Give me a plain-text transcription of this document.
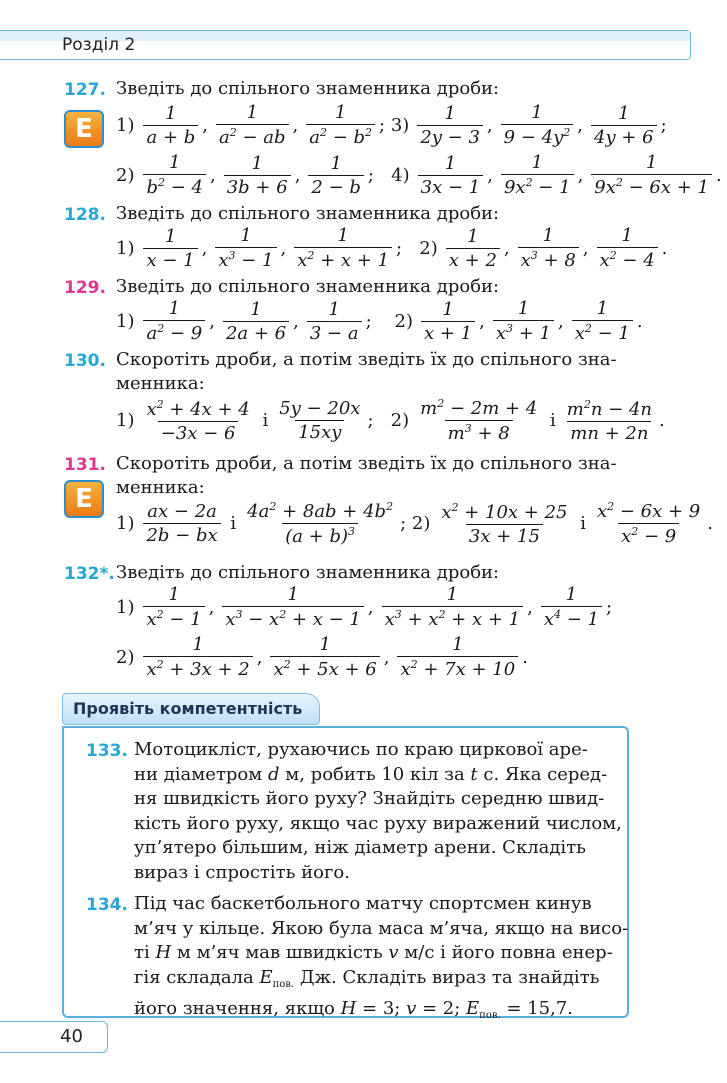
Розділ 2
127. Зведіть до спільного знаменника дроби:
E	$1) \frac{1}{a + b}$ , $\frac{1}{a^2 - ab}$ , $\frac{1}{a^2 - b^2}$ ; $3) \frac{1}{2y - 3}$ , $\frac{1}{9 - 4y^2}$ , $\frac{1}{4y + 6}$ ;
$2) \frac{1}{b^2 - 4}$ , $\frac{1}{3b + 6}$ , $\frac{1}{2 - b}$ ;   $4) \frac{1}{3x - 1}$ , $\frac{1}{9x^2 - 1}$ , $\frac{1}{9x^2 - 6x + 1}$ .
128. Зведіть до спільного знаменника дроби:
$1) \frac{1}{x - 1}$ , $\frac{1}{x^3 - 1}$ , $\frac{1}{x^2 + x + 1}$ ;   $2) \frac{1}{x + 2}$ , $\frac{1}{x^3 + 8}$ , $\frac{1}{x^2 - 4}$ .
129. Зведіть до спільного знаменника дроби:
$1) \frac{1}{a^2 - 9}$ , $\frac{1}{2a + 6}$ , $\frac{1}{3 - a}$ ;    $2) \frac{1}{x + 1}$ , $\frac{1}{x^3 + 1}$ , $\frac{1}{x^2 - 1}$ .
130. Скоротіть дроби, а потім зведіть їх до спільного зна-
менника:
$1) \frac{x^2 + 4x + 4}{-3x - 6}$ і $\frac{5y - 20x}{15xy}$ ;   $2) \frac{m^2 - 2m + 4}{m^3 + 8}$ і $\frac{m^2n - 4n}{mn + 2n}$ .
131. Скоротіть дроби, а потім зведіть їх до спільного зна-
менника:
E
$1) \frac{ax - 2a}{2b - bx}$ і $\frac{4a^2 + 8ab + 4b^2}{(a + b)^3}$ ; $2) \frac{x^2 + 10x + 25}{3x + 15}$ і $\frac{x^2 - 6x + 9}{x^2 - 9}$ .
132*. Зведіть до спільного знаменника дроби:
$1) \frac{1}{x^2 - 1}$ , $\frac{1}{x^3 - x^2 + x - 1}$ , $\frac{1}{x^3 + x^2 + x + 1}$ , $\frac{1}{x^4 - 1}$ ;
$2) \frac{1}{x^2 + 3x + 2}$ , $\frac{1}{x^2 + 5x + 6}$ , $\frac{1}{x^2 + 7x + 10}$ .
Проявіть компетентність
133. Мотоцикліст, рухаючись по краю циркової аре-
ни діаметром d м, робить 10 кіл за t с. Яка серед-
ня швидкість його руху? Знайдіть середню швид-
кість його руху, якщо час руху виражений числом,
уп’ятеро більшим, ніж діаметр арени. Складіть
вираз і спростіть його.
134. Під час баскетбольного матчу спортсмен кинув
м’яч у кільце. Якою була маса м’яча, якщо на висо-
ті H м м’яч мав швидкість v м/с і його повна енер-
гія складала $E_{пов.}$ Дж. Складіть вираз та знайдіть
його значення, якщо H = 3; v = 2; $E_{пов.} = 15,7$.
40
